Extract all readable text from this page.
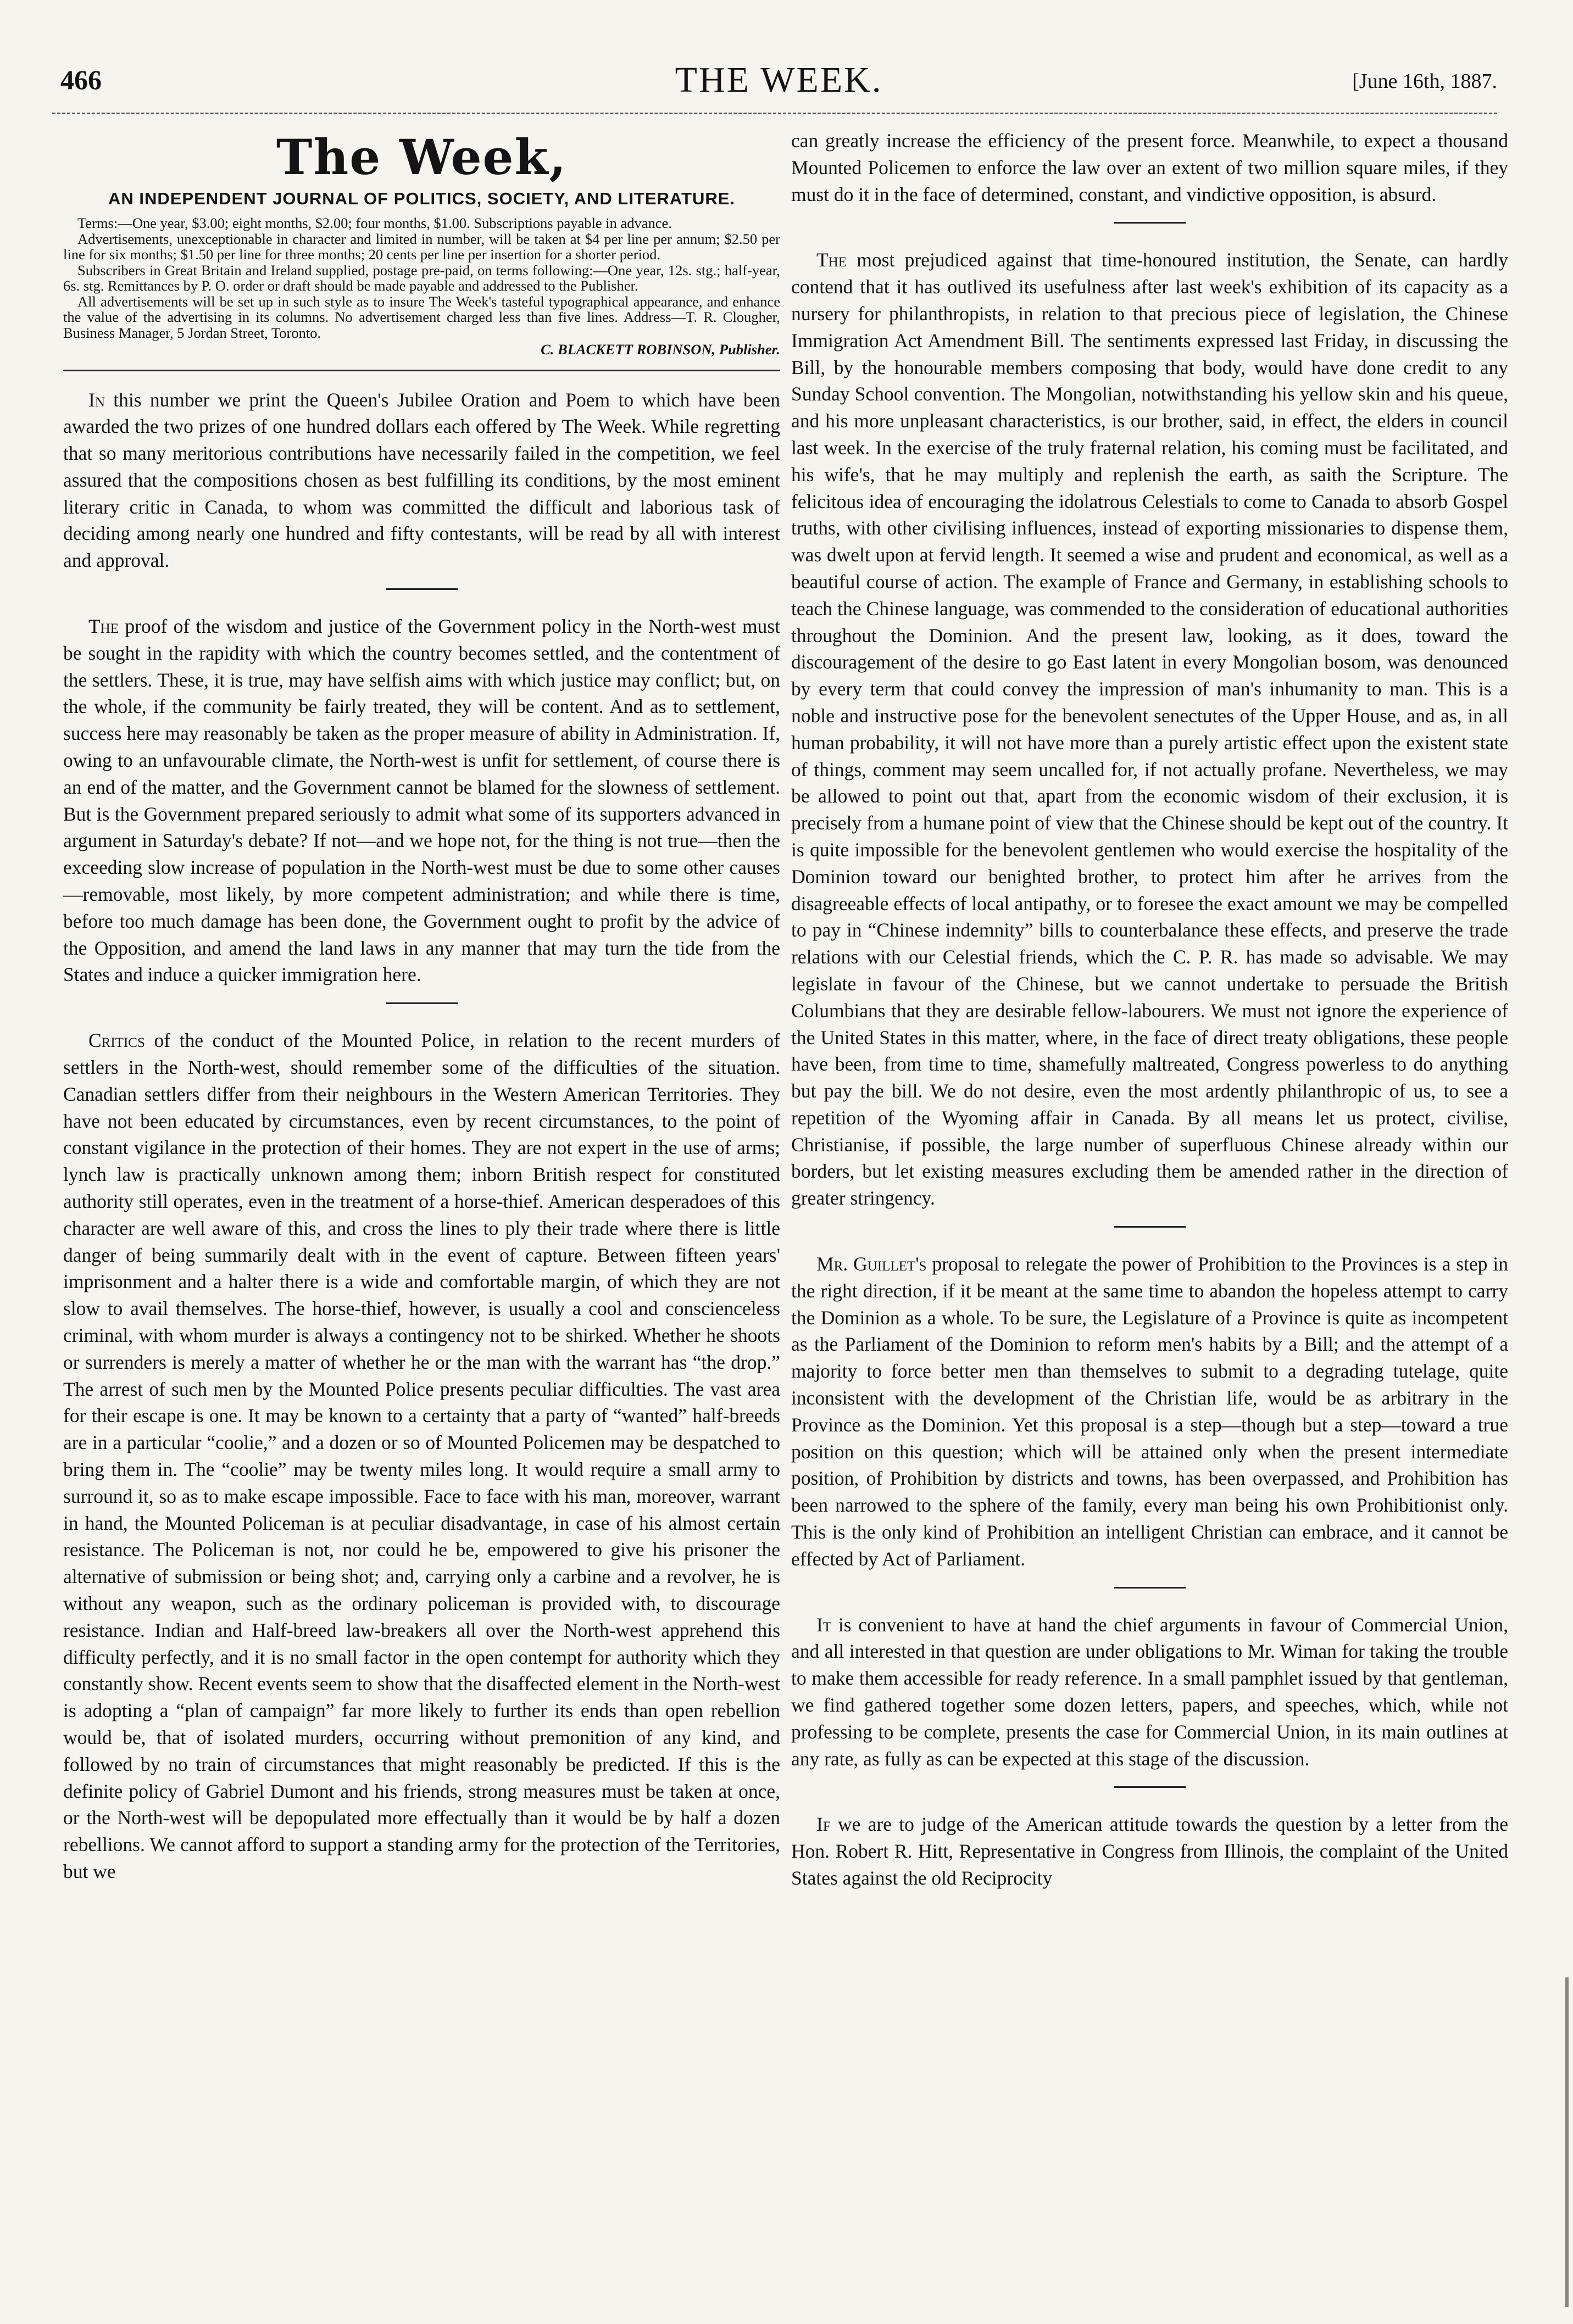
466	THE WEEK.	[June 16th, 1887.
The Week,
AN INDEPENDENT JOURNAL OF POLITICS, SOCIETY, AND LITERATURE.

Terms:—One year, $3.00; eight months, $2.00; four months, $1.00. Subscriptions payable in advance.

Advertisements, unexceptionable in character and limited in number, will be taken at $4 per line per annum; $2.50 per line for six months; $1.50 per line for three months; 20 cents per line per insertion for a shorter period.

Subscribers in Great Britain and Ireland supplied, postage pre-paid, on terms following:—One year, 12s. stg.; half-year, 6s. stg. Remittances by P. O. order or draft should be made payable and addressed to the Publisher.

All advertisements will be set up in such style as to insure The Week's tasteful typographical appearance, and enhance the value of the advertising in its columns. No advertisement charged less than five lines. Address—T. R. Clougher, Business Manager, 5 Jordan Street, Toronto.

C. BLACKETT ROBINSON, Publisher.

In this number we print the Queen's Jubilee Oration and Poem to which have been awarded the two prizes of one hundred dollars each offered by The Week. While regretting that so many meritorious contributions have necessarily failed in the competition, we feel assured that the compositions chosen as best fulfilling its conditions, by the most eminent literary critic in Canada, to whom was committed the difficult and laborious task of deciding among nearly one hundred and fifty contestants, will be read by all with interest and approval.

The proof of the wisdom and justice of the Government policy in the North-west must be sought in the rapidity with which the country becomes settled, and the contentment of the settlers. These, it is true, may have selfish aims with which justice may conflict; but, on the whole, if the community be fairly treated, they will be content. And as to settlement, success here may reasonably be taken as the proper measure of ability in Administration. If, owing to an unfavourable climate, the North-west is unfit for settlement, of course there is an end of the matter, and the Government cannot be blamed for the slowness of settlement. But is the Government prepared seriously to admit what some of its supporters advanced in argument in Saturday's debate? If not—and we hope not, for the thing is not true—then the exceeding slow increase of population in the North-west must be due to some other causes—removable, most likely, by more competent administration; and while there is time, before too much damage has been done, the Government ought to profit by the advice of the Opposition, and amend the land laws in any manner that may turn the tide from the States and induce a quicker immigration here.

Critics of the conduct of the Mounted Police, in relation to the recent murders of settlers in the North-west, should remember some of the difficulties of the situation. Canadian settlers differ from their neighbours in the Western American Territories. They have not been educated by circumstances, even by recent circumstances, to the point of constant vigilance in the protection of their homes. They are not expert in the use of arms; lynch law is practically unknown among them; inborn British respect for constituted authority still operates, even in the treatment of a horse-thief. American desperadoes of this character are well aware of this, and cross the lines to ply their trade where there is little danger of being summarily dealt with in the event of capture. Between fifteen years' imprisonment and a halter there is a wide and comfortable margin, of which they are not slow to avail themselves. The horse-thief, however, is usually a cool and conscienceless criminal, with whom murder is always a contingency not to be shirked. Whether he shoots or surrenders is merely a matter of whether he or the man with the warrant has “the drop.” The arrest of such men by the Mounted Police presents peculiar difficulties. The vast area for their escape is one. It may be known to a certainty that a party of “wanted” half-breeds are in a particular “coolie,” and a dozen or so of Mounted Policemen may be despatched to bring them in. The “coolie” may be twenty miles long. It would require a small army to surround it, so as to make escape impossible. Face to face with his man, moreover, warrant in hand, the Mounted Policeman is at peculiar disadvantage, in case of his almost certain resistance. The Policeman is not, nor could he be, empowered to give his prisoner the alternative of submission or being shot; and, carrying only a carbine and a revolver, he is without any weapon, such as the ordinary policeman is provided with, to discourage resistance. Indian and Half-breed law-breakers all over the North-west apprehend this difficulty perfectly, and it is no small factor in the open contempt for authority which they constantly show. Recent events seem to show that the disaffected element in the North-west is adopting a “plan of campaign” far more likely to further its ends than open rebellion would be, that of isolated murders, occurring without premonition of any kind, and followed by no train of circumstances that might reasonably be predicted. If this is the definite policy of Gabriel Dumont and his friends, strong measures must be taken at once, or the North-west will be depopulated more effectually than it would be by half a dozen rebellions. We cannot afford to support a standing army for the protection of the Territories, but we

can greatly increase the efficiency of the present force. Meanwhile, to expect a thousand Mounted Policemen to enforce the law over an extent of two million square miles, if they must do it in the face of determined, constant, and vindictive opposition, is absurd.

The most prejudiced against that time-honoured institution, the Senate, can hardly contend that it has outlived its usefulness after last week's exhibition of its capacity as a nursery for philanthropists, in relation to that precious piece of legislation, the Chinese Immigration Act Amendment Bill. The sentiments expressed last Friday, in discussing the Bill, by the honourable members composing that body, would have done credit to any Sunday School convention. The Mongolian, notwithstanding his yellow skin and his queue, and his more unpleasant characteristics, is our brother, said, in effect, the elders in council last week. In the exercise of the truly fraternal relation, his coming must be facilitated, and his wife's, that he may multiply and replenish the earth, as saith the Scripture. The felicitous idea of encouraging the idolatrous Celestials to come to Canada to absorb Gospel truths, with other civilising influences, instead of exporting missionaries to dispense them, was dwelt upon at fervid length. It seemed a wise and prudent and economical, as well as a beautiful course of action. The example of France and Germany, in establishing schools to teach the Chinese language, was commended to the consideration of educational authorities throughout the Dominion. And the present law, looking, as it does, toward the discouragement of the desire to go East latent in every Mongolian bosom, was denounced by every term that could convey the impression of man's inhumanity to man. This is a noble and instructive pose for the benevolent senectutes of the Upper House, and as, in all human probability, it will not have more than a purely artistic effect upon the existent state of things, comment may seem uncalled for, if not actually profane. Nevertheless, we may be allowed to point out that, apart from the economic wisdom of their exclusion, it is precisely from a humane point of view that the Chinese should be kept out of the country. It is quite impossible for the benevolent gentlemen who would exercise the hospitality of the Dominion toward our benighted brother, to protect him after he arrives from the disagreeable effects of local antipathy, or to foresee the exact amount we may be compelled to pay in “Chinese indemnity” bills to counterbalance these effects, and preserve the trade relations with our Celestial friends, which the C. P. R. has made so advisable. We may legislate in favour of the Chinese, but we cannot undertake to persuade the British Columbians that they are desirable fellow-labourers. We must not ignore the experience of the United States in this matter, where, in the face of direct treaty obligations, these people have been, from time to time, shamefully maltreated, Congress powerless to do anything but pay the bill. We do not desire, even the most ardently philanthropic of us, to see a repetition of the Wyoming affair in Canada. By all means let us protect, civilise, Christianise, if possible, the large number of superfluous Chinese already within our borders, but let existing measures excluding them be amended rather in the direction of greater stringency.

Mr. Guillet's proposal to relegate the power of Prohibition to the Provinces is a step in the right direction, if it be meant at the same time to abandon the hopeless attempt to carry the Dominion as a whole. To be sure, the Legislature of a Province is quite as incompetent as the Parliament of the Dominion to reform men's habits by a Bill; and the attempt of a majority to force better men than themselves to submit to a degrading tutelage, quite inconsistent with the development of the Christian life, would be as arbitrary in the Province as the Dominion. Yet this proposal is a step—though but a step—toward a true position on this question; which will be attained only when the present intermediate position, of Prohibition by districts and towns, has been overpassed, and Prohibition has been narrowed to the sphere of the family, every man being his own Prohibitionist only. This is the only kind of Prohibition an intelligent Christian can embrace, and it cannot be effected by Act of Parliament.

It is convenient to have at hand the chief arguments in favour of Commercial Union, and all interested in that question are under obligations to Mr. Wiman for taking the trouble to make them accessible for ready reference. In a small pamphlet issued by that gentleman, we find gathered together some dozen letters, papers, and speeches, which, while not professing to be complete, presents the case for Commercial Union, in its main outlines at any rate, as fully as can be expected at this stage of the discussion.

If we are to judge of the American attitude towards the question by a letter from the Hon. Robert R. Hitt, Representative in Congress from Illinois, the complaint of the United States against the old Reciprocity
